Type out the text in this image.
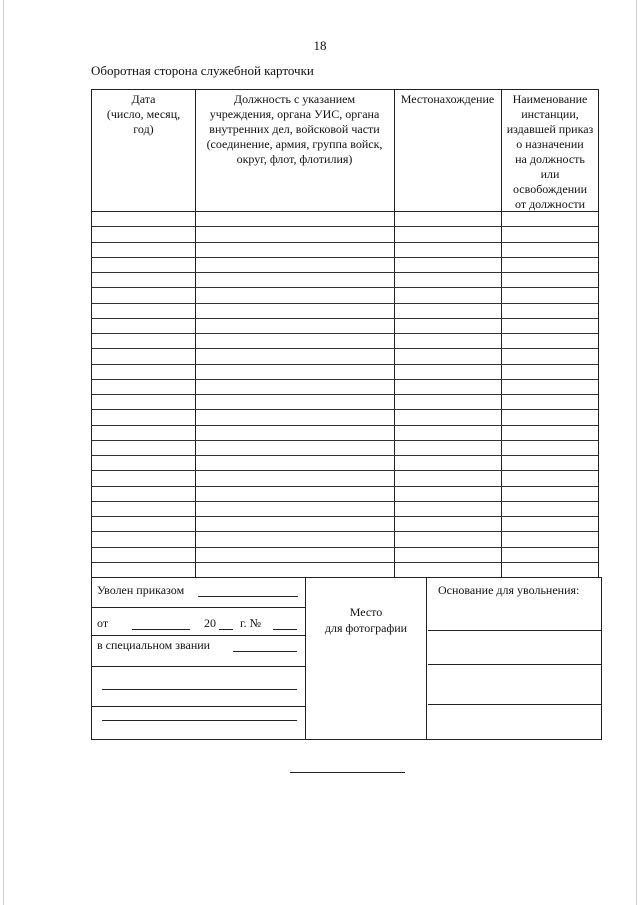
18
Оборотная сторона служебной карточки
Дата
(число, месяц,
год)
Должность с указанием
учреждения, органа УИС, органа
внутренних дел, войсковой части
(соединение, армия, группа войск,
округ, флот, флотилия)
Местонахождение	Наименование
инстанции,
издавшей приказ
о назначении
на должность
или
освобождении
от должности
Уволен приказом
от	20 г. №
в специальном звании
Место
для фотографии
Основание для увольнения:
